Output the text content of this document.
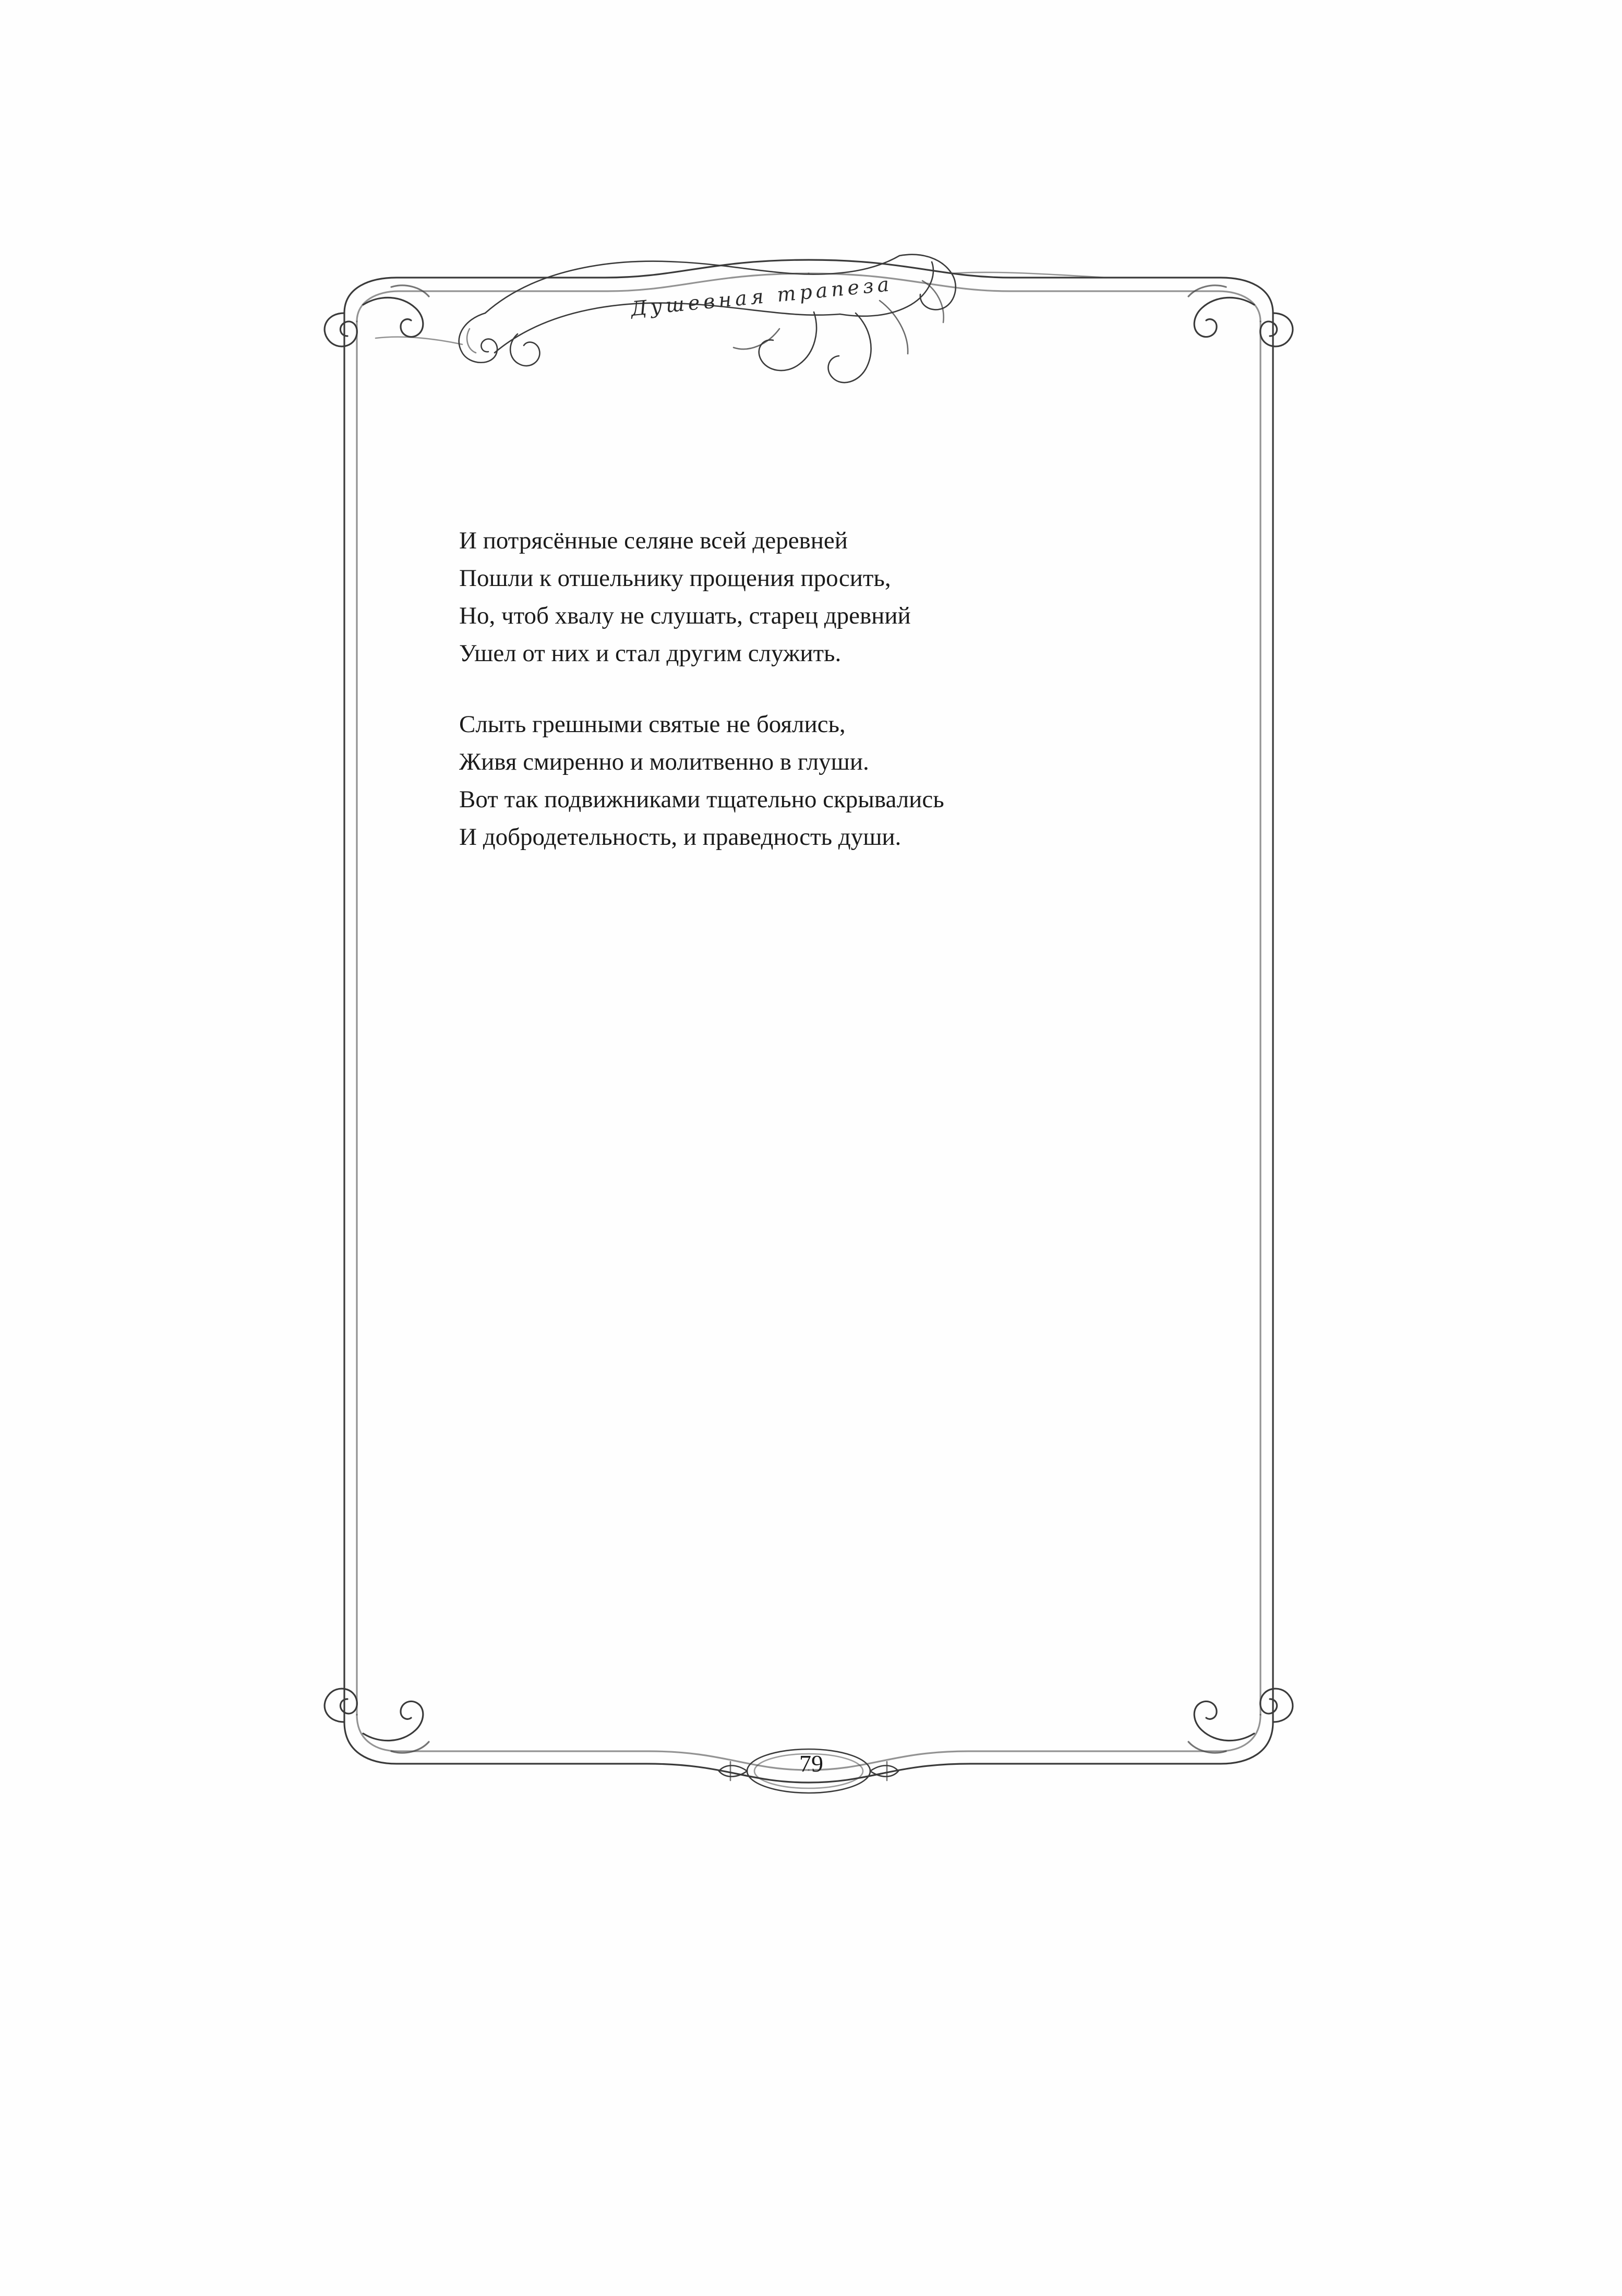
Душевная трапеза
И потрясённые селяне всей деревней
Пошли к отшельнику прощения просить,
Но, чтоб хвалу не слушать, старец древний
Ушел от них и стал другим служить.
Слыть грешными святые не боялись,
Живя смиренно и молитвенно в глуши.
Вот так подвижниками тщательно скрывались
И добродетельность, и праведность души.
79
